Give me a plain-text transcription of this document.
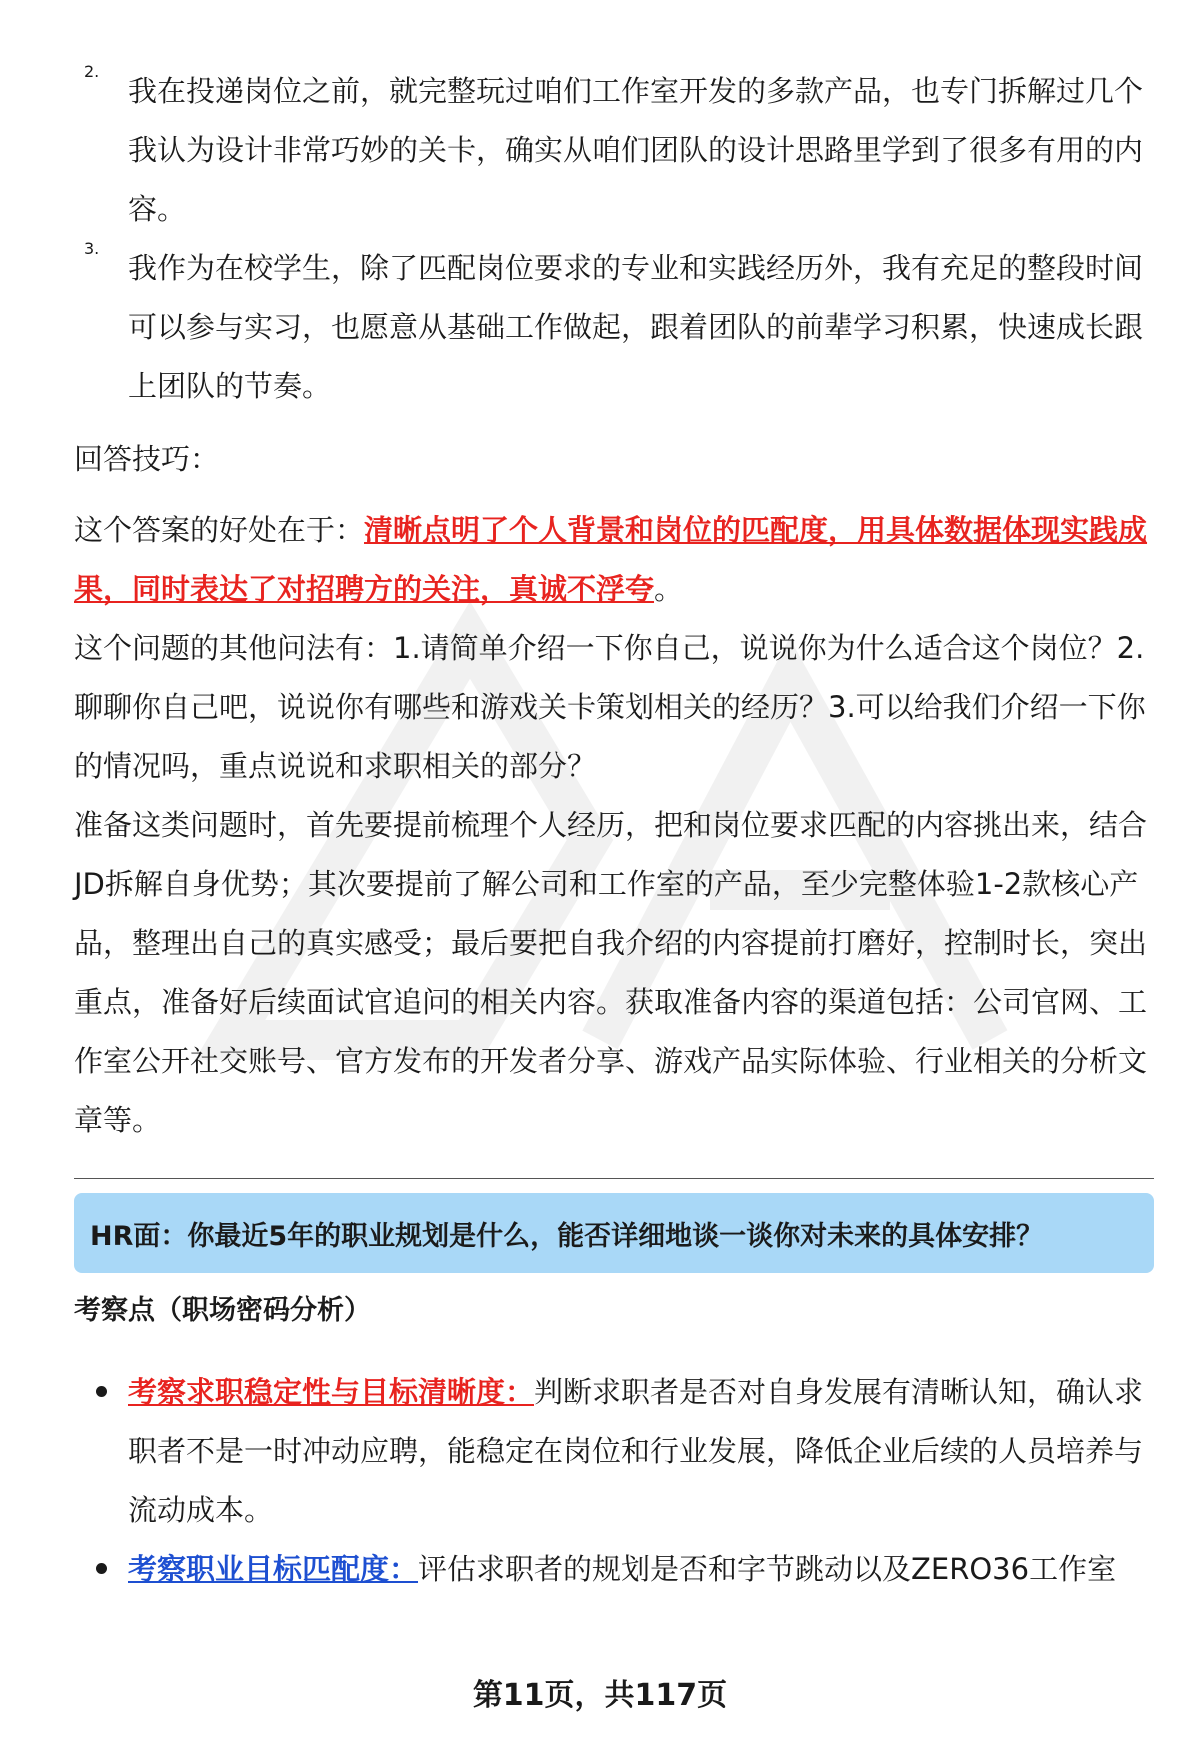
2.

我在投递岗位之前，就完整玩过咱们工作室开发的多款产品，也专门拆解过几个我认为设计非常巧妙的关卡，确实从咱们团队的设计思路里学到了很多有用的内容。

3.

我作为在校学生，除了匹配岗位要求的专业和实践经历外，我有充足的整段时间可以参与实习，也愿意从基础工作做起，跟着团队的前辈学习积累，快速成长跟上团队的节奏。

回答技巧：

这个答案的好处在于：清晰点明了个人背景和岗位的匹配度，用具体数据体现实践成果，同时表达了对招聘方的关注，真诚不浮夸。

这个问题的其他问法有：1.请简单介绍一下你自己，说说你为什么适合这个岗位？2.聊聊你自己吧，说说你有哪些和游戏关卡策划相关的经历？3.可以给我们介绍一下你的情况吗，重点说说和求职相关的部分？

准备这类问题时，首先要提前梳理个人经历，把和岗位要求匹配的内容挑出来，结合JD拆解自身优势；其次要提前了解公司和工作室的产品，至少完整体验1-2款核心产品，整理出自己的真实感受；最后要把自我介绍的内容提前打磨好，控制时长，突出重点，准备好后续面试官追问的相关内容。获取准备内容的渠道包括：公司官网、工作室公开社交账号、官方发布的开发者分享、游戏产品实际体验、行业相关的分析文章等。

HR面：你最近5年的职业规划是什么，能否详细地谈一谈你对未来的具体安排？
考察点（职场密码分析）
考察求职稳定性与目标清晰度：判断求职者是否对自身发展有清晰认知，确认求职者不是一时冲动应聘，能稳定在岗位和行业发展，降低企业后续的人员培养与流动成本。
考察职业目标匹配度：评估求职者的规划是否和字节跳动以及ZERO36工作室
第11页，共117页
